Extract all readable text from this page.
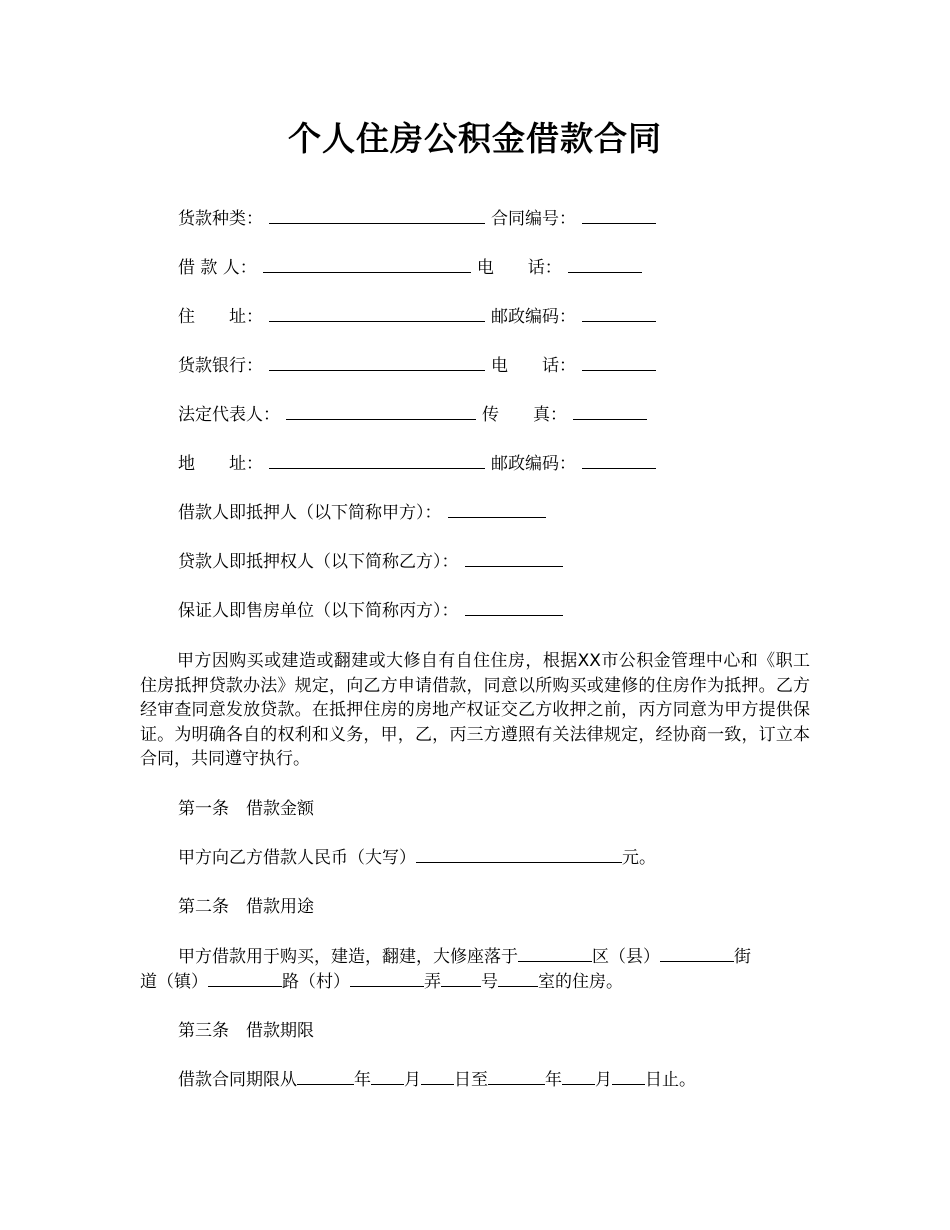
个人住房公积金借款合同
货款种类：	合同编号：
借 款 人：	电　　话：
住　　址：	邮政编码：
货款银行：	电　　话：
法定代表人：	传　　真：
地　　址：	邮政编码：
借款人即抵押人（以下简称甲方）：
贷款人即抵押权人（以下简称乙方）：
保证人即售房单位（以下简称丙方）：
甲方因购买或建造或翻建或大修自有自住住房，根据XX市公积金管理中心和《职工住房抵押贷款办法》规定，向乙方申请借款，同意以所购买或建修的住房作为抵押。乙方经审查同意发放贷款。在抵押住房的房地产权证交乙方收押之前，丙方同意为甲方提供保证。为明确各自的权利和义务，甲，乙，丙三方遵照有关法律规定，经协商一致，订立本合同，共同遵守执行。
第一条　借款金额
甲方向乙方借款人民币（大写）	元。
第二条　借款用途
甲方借款用于购买，建造，翻建，大修座落于	区（县）	街
道（镇）	路（村）	弄 号 室的住房。
第三条　借款期限
借款合同期限从	年 月 日至	年 月 日止。
